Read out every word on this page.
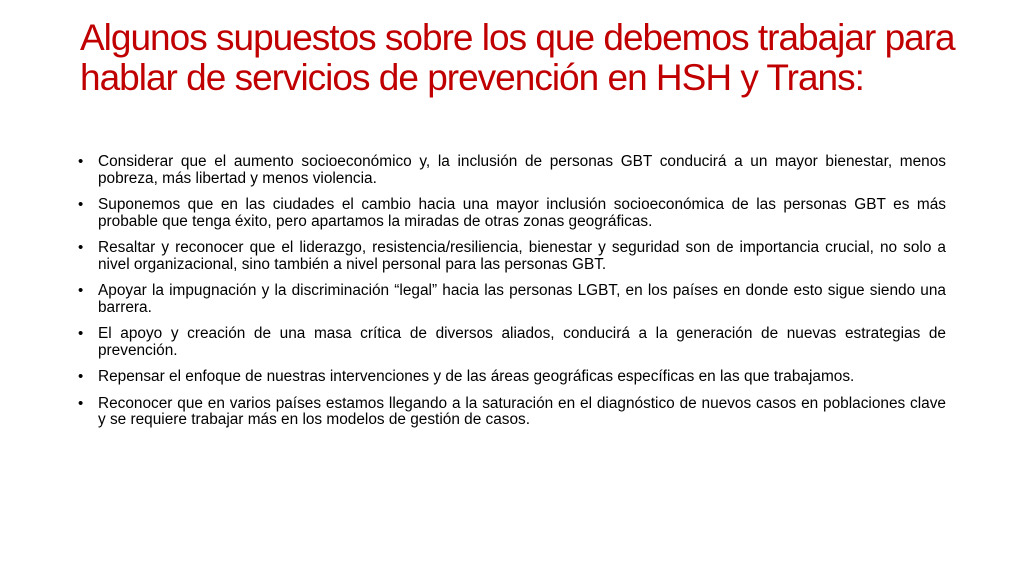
Algunos supuestos sobre los que debemos trabajar para hablar de servicios de prevención en HSH y Trans:
• Considerar que el aumento socioeconómico y, la inclusión de personas GBT conducirá a un mayor bienestar, menos pobreza, más libertad y menos violencia.
• Suponemos que en las ciudades el cambio hacia una mayor inclusión socioeconómica de las personas GBT es más probable que tenga éxito, pero apartamos la miradas de otras zonas geográficas.
• Resaltar y reconocer que el liderazgo, resistencia/resiliencia, bienestar y seguridad son de importancia crucial, no solo a nivel organizacional, sino también a nivel personal para las personas GBT.
• Apoyar la impugnación y la discriminación “legal” hacia las personas LGBT, en los países en donde esto sigue siendo una barrera.
• El apoyo y creación de una masa crítica de diversos aliados, conducirá a la generación de nuevas estrategias de prevención.
• Repensar el enfoque de nuestras intervenciones y de las áreas geográficas específicas en las que trabajamos.
• Reconocer que en varios países estamos llegando a la saturación en el diagnóstico de nuevos casos en poblaciones clave y se requiere trabajar más en los modelos de gestión de casos.
